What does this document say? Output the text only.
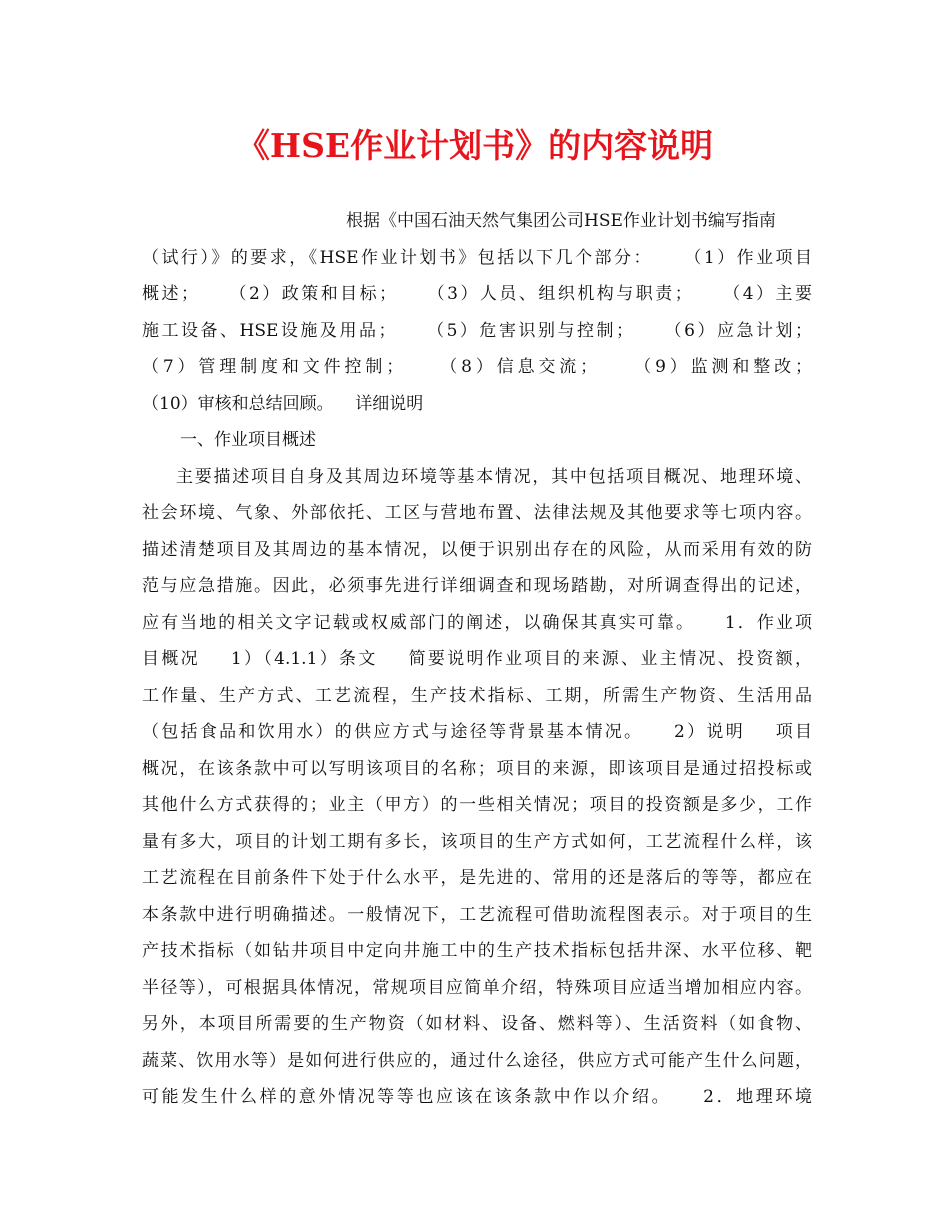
《HSE作业计划书》的内容说明
根据《中国石油天然气集团公司HSE作业计划书编写指南
（试行）》的要求，《HSE作业计划书》包括以下几个部分：    （1）作业项目
概述；    （2）政策和目标；    （3）人员、组织机构与职责；    （4）主要
施工设备、HSE设施及用品；    （5）危害识别与控制；    （6）应急计划；
（7）管理制度和文件控制；    （8）信息交流；    （9）监测和整改；
（10）审核和总结回顾。    详细说明
一、作业项目概述
主要描述项目自身及其周边环境等基本情况，其中包括项目概况、地理环境、
社会环境、气象、外部依托、工区与营地布置、法律法规及其他要求等七项内容。
描述清楚项目及其周边的基本情况，以便于识别出存在的风险，从而采用有效的防
范与应急措施。因此，必须事先进行详细调查和现场踏勘，对所调查得出的记述，
应有当地的相关文字记载或权威部门的阐述，以确保其真实可靠。    1．作业项
目概况    1）（4.1.1）条文    简要说明作业项目的来源、业主情况、投资额，
工作量、生产方式、工艺流程，生产技术指标、工期，所需生产物资、生活用品
（包括食品和饮用水）的供应方式与途径等背景基本情况。    2）说明    项目
概况，在该条款中可以写明该项目的名称；项目的来源，即该项目是通过招投标或
其他什么方式获得的；业主（甲方）的一些相关情况；项目的投资额是多少，工作
量有多大，项目的计划工期有多长，该项目的生产方式如何，工艺流程什么样，该
工艺流程在目前条件下处于什么水平，是先进的、常用的还是落后的等等，都应在
本条款中进行明确描述。一般情况下，工艺流程可借助流程图表示。对于项目的生
产技术指标（如钻井项目中定向井施工中的生产技术指标包括井深、水平位移、靶
半径等），可根据具体情况，常规项目应简单介绍，特殊项目应适当增加相应内容。
另外，本项目所需要的生产物资（如材料、设备、燃料等）、生活资料（如食物、
蔬菜、饮用水等）是如何进行供应的，通过什么途径，供应方式可能产生什么问题，
可能发生什么样的意外情况等等也应该在该条款中作以介绍。    2．地理环境
